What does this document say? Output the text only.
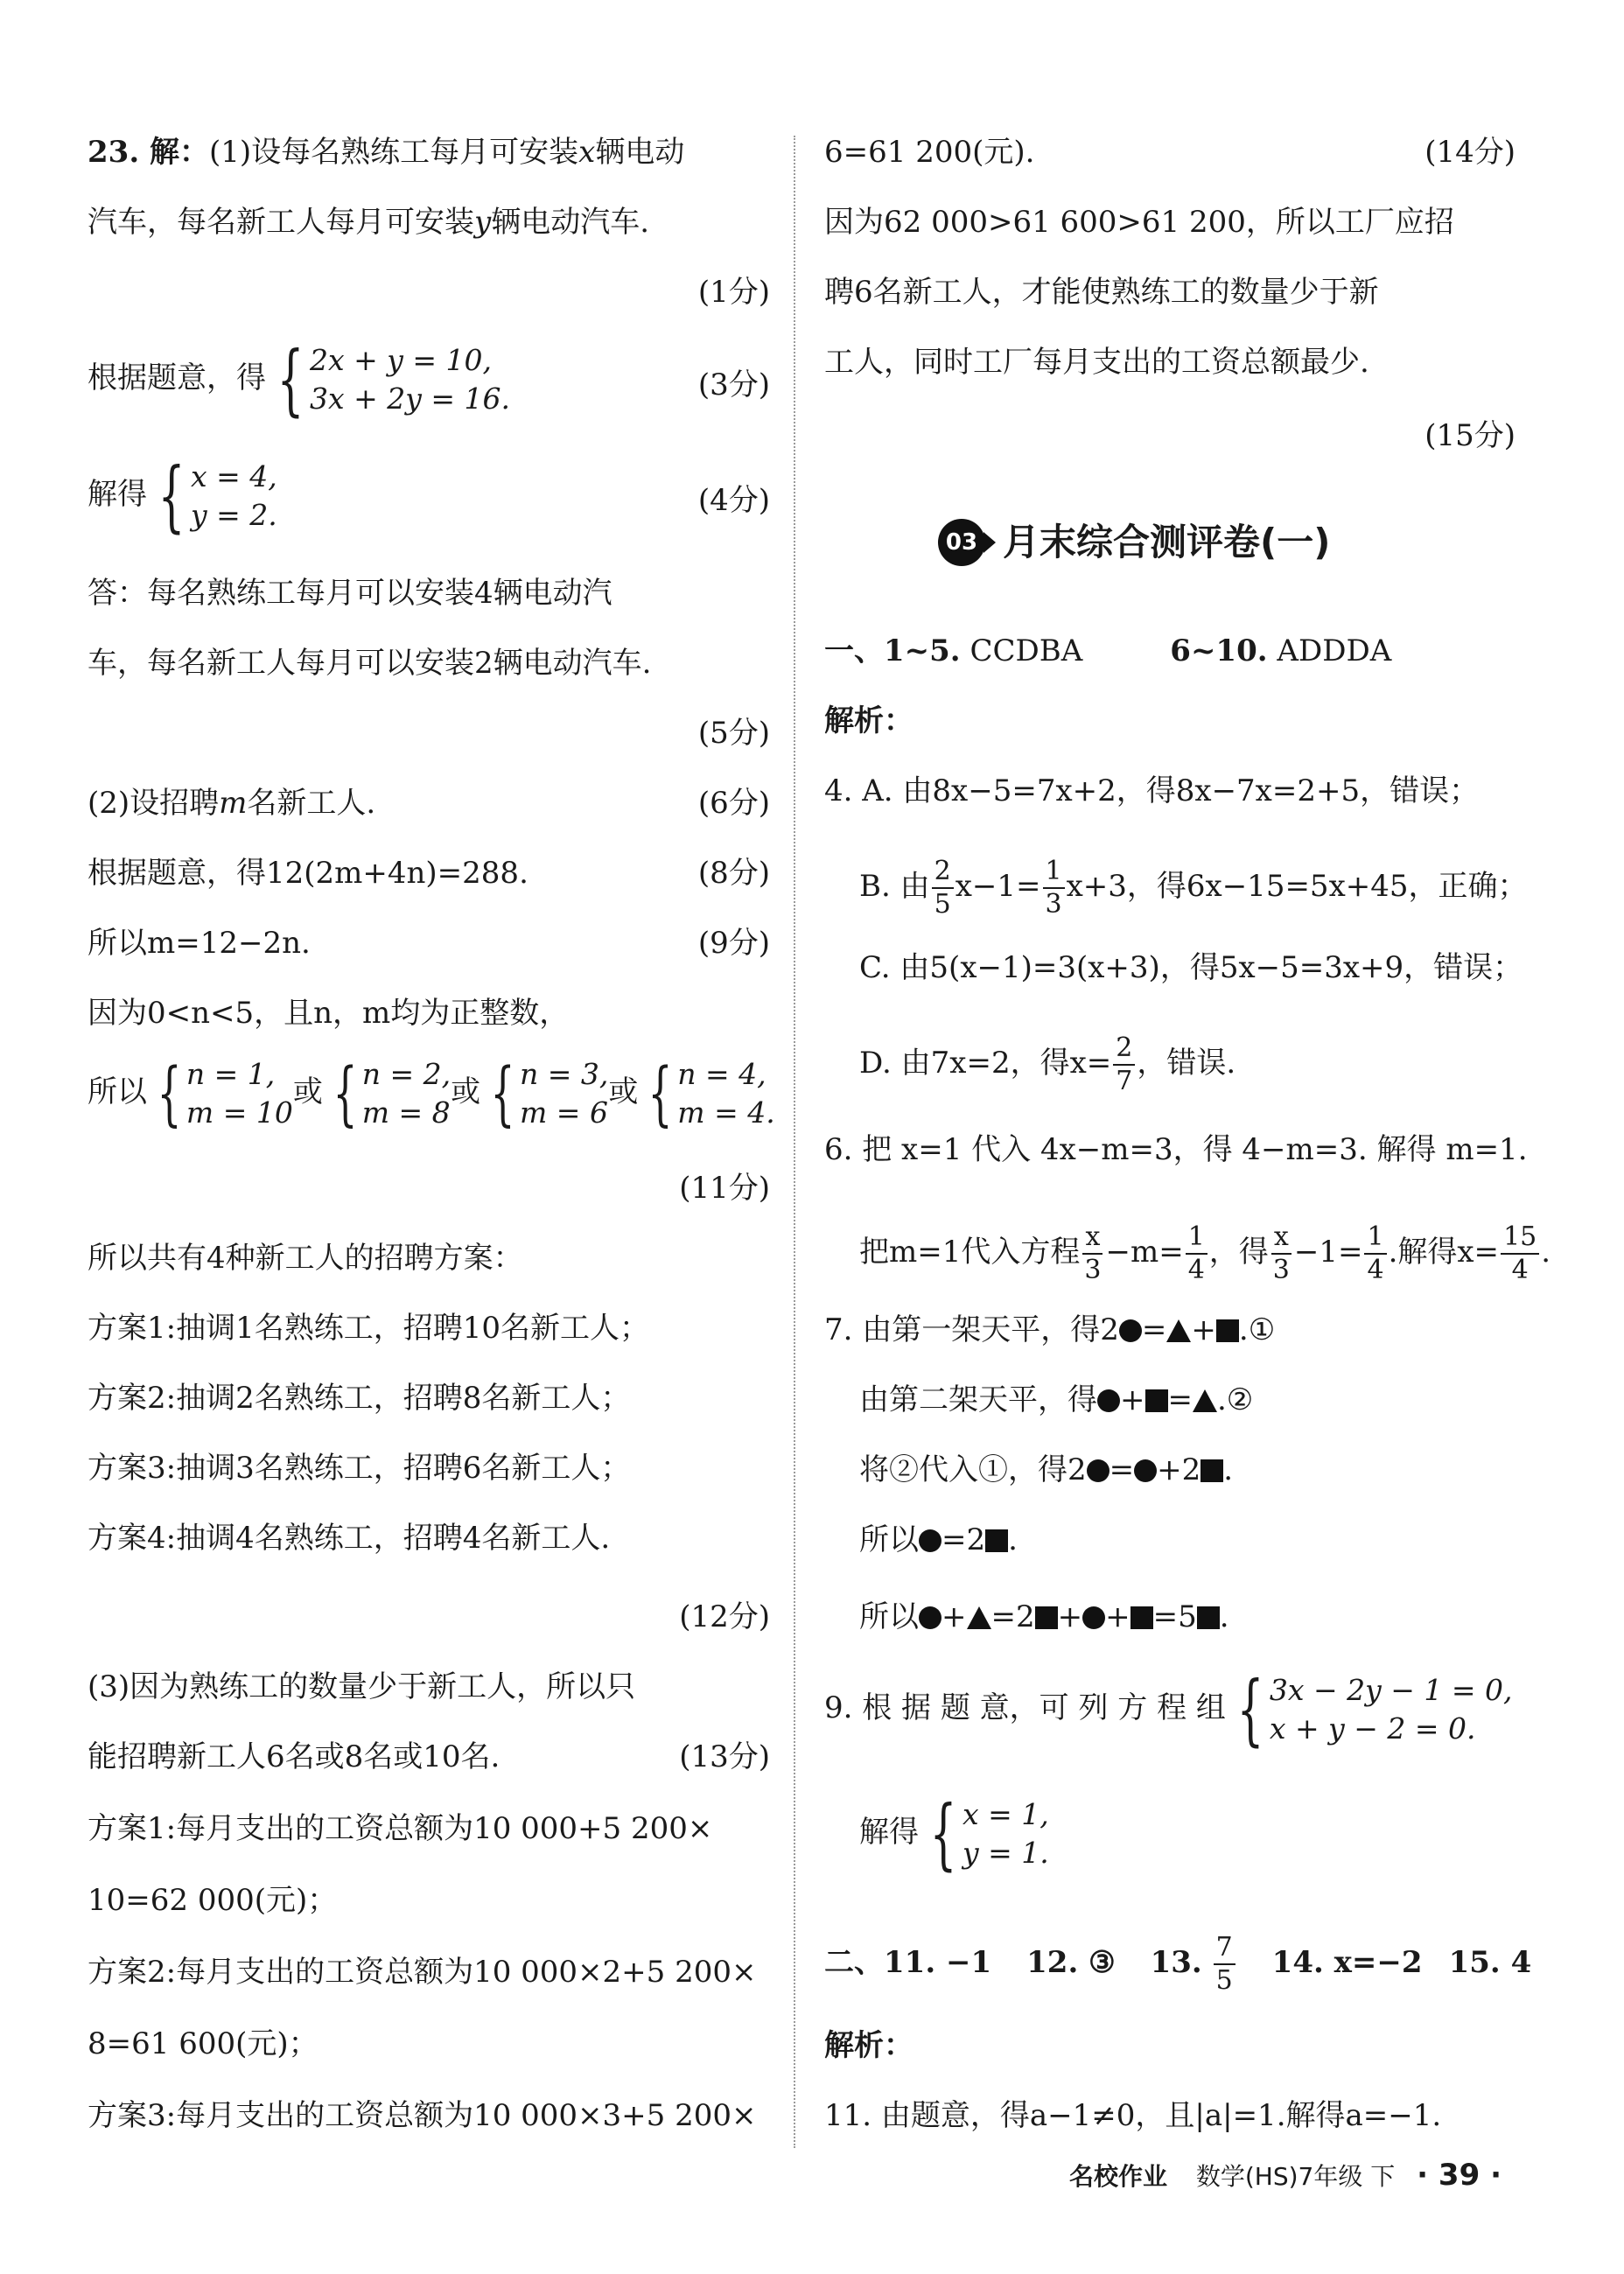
23. 解：(1)设每名熟练工每月可安装x辆电动
汽车，每名新工人每月可安装y辆电动汽车.
(1分)
根据题意，得 { 2x + y = 10,
3x + 2y = 16.	(3分)
解得 { x = 4,
y = 2.	(4分)
答：每名熟练工每月可以安装4辆电动汽
车，每名新工人每月可以安装2辆电动汽车.
(5分)
(2)设招聘m名新工人.	(6分)
根据题意，得12(2m+4n)=288.	(8分)
所以m=12−2n.	(9分)
因为0<n<5，且n，m均为正整数，
所以 { n = 1,
m = 10
或 { n = 2,
m = 8
或 { n = 3,
m = 6
或 { n = 4,
m = 4.
(11分)
所以共有4种新工人的招聘方案：
方案1:抽调1名熟练工，招聘10名新工人；
方案2:抽调2名熟练工，招聘8名新工人；
方案3:抽调3名熟练工，招聘6名新工人；
方案4:抽调4名熟练工，招聘4名新工人.
(12分)
(3)因为熟练工的数量少于新工人，所以只
能招聘新工人6名或8名或10名.	(13分)
方案1:每月支出的工资总额为10 000+5 200×
10=62 000(元)；
方案2:每月支出的工资总额为10 000×2+5 200×
8=61 600(元)；
方案3:每月支出的工资总额为10 000×3+5 200×
6=61 200(元).	(14分)
因为62 000>61 600>61 200，所以工厂应招
聘6名新工人，才能使熟练工的数量少于新
工人，同时工厂每月支出的工资总额最少.
(15分)
03 月末综合测评卷(一)
一、1~5. CCDBA	6~10. ADDDA
解析：
4. A. 由8x−5=7x+2，得8x−7x=2+5，错误；
B. 由 $\frac{2}{5} x-1= \frac{1}{3} x+3$，得6x−15=5x+45，正确；
C. 由5(x−1)=3(x+3)，得5x−5=3x+9，错误；
D. 由7x=2，得$x= \frac{2}{7}$ ，错误.
6. 把 x=1 代入 4x−m=3，得 4−m=3. 解得 m=1.
把m=1代入方程 $\frac{x}{3} -m= \frac{1}{4}$ ，得 $\frac{x}{3} -1= \frac{1}{4}$ .解得$x= \frac{15}{4}$ .
7. 由第一架天平，得2 = + .①
由第二架天平，得 + = .②
将②代入①，得2 = +2 .
所以 =2 .
所以 + =2 + + =5 .
9. 根 据 题 意，可 列 方 程 组 { 3x − 2y − 1 = 0,
x + y − 2 = 0.
解得 { x = 1,
y = 1.
二、11. −1 12. ③ 13. $\frac{7}{5} 14$. x=−2 15. 4
解析：
11. 由题意，得a−1≠0，且|a|=1.解得a=−1.
名校作业 数学(HS)7年级 下 · 39 ·
